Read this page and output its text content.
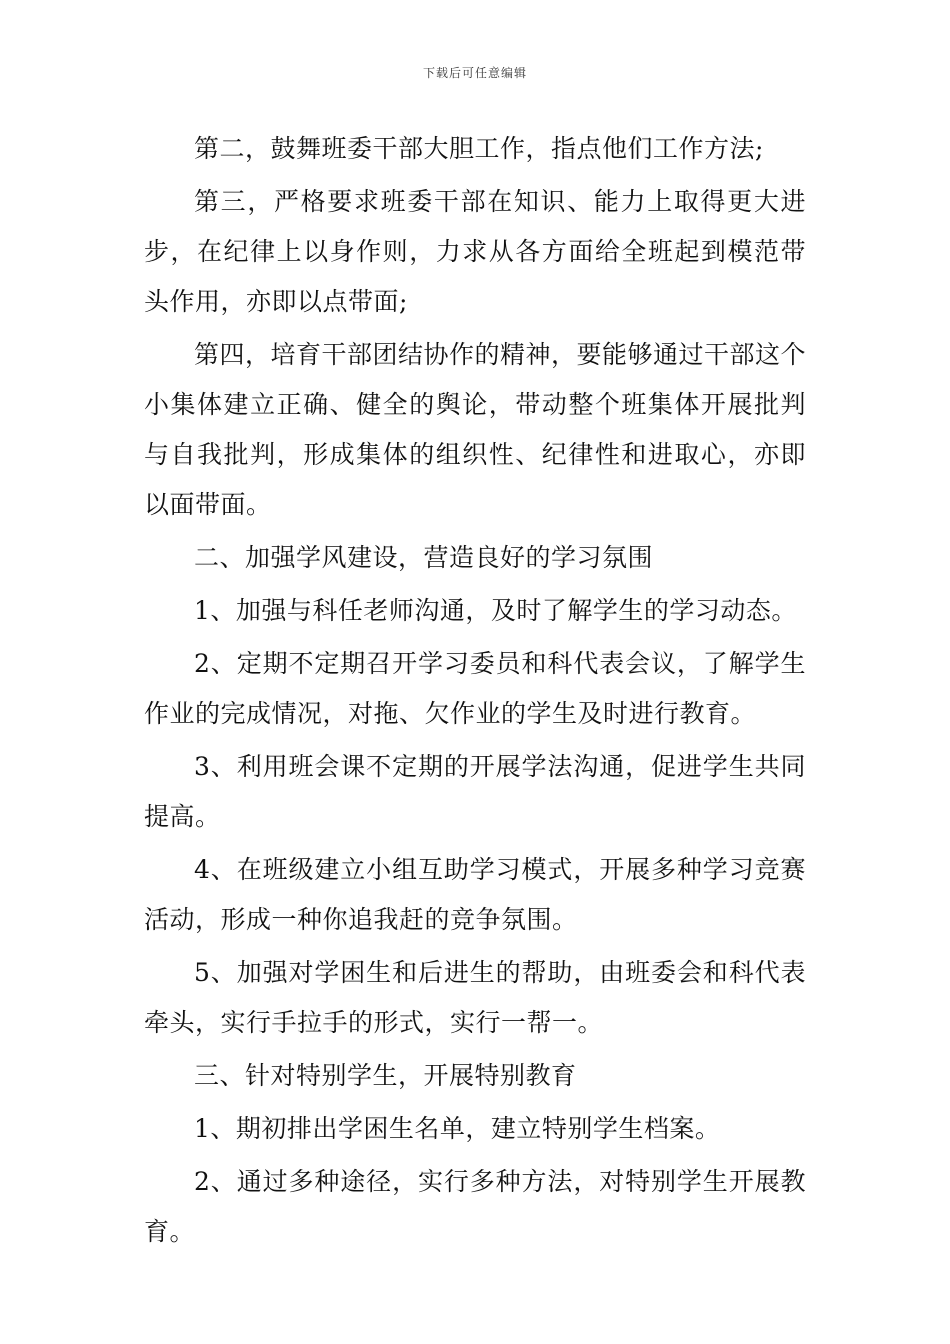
下载后可任意编辑

第二，鼓舞班委干部大胆工作，指点他们工作方法;

第三，严格要求班委干部在知识、能力上取得更大进步，在纪律上以身作则，力求从各方面给全班起到模范带头作用，亦即以点带面;

第四，培育干部团结协作的精神，要能够通过干部这个小集体建立正确、健全的舆论，带动整个班集体开展批判与自我批判，形成集体的组织性、纪律性和进取心，亦即以面带面。

二、加强学风建设，营造良好的学习氛围

1、加强与科任老师沟通，及时了解学生的学习动态。

2、定期不定期召开学习委员和科代表会议，了解学生作业的完成情况，对拖、欠作业的学生及时进行教育。

3、利用班会课不定期的开展学法沟通，促进学生共同提高。

4、在班级建立小组互助学习模式，开展多种学习竞赛活动，形成一种你追我赶的竞争氛围。

5、加强对学困生和后进生的帮助，由班委会和科代表牵头，实行手拉手的形式，实行一帮一。

三、针对特别学生，开展特别教育

1、期初排出学困生名单，建立特别学生档案。

2、通过多种途径，实行多种方法，对特别学生开展教育。
